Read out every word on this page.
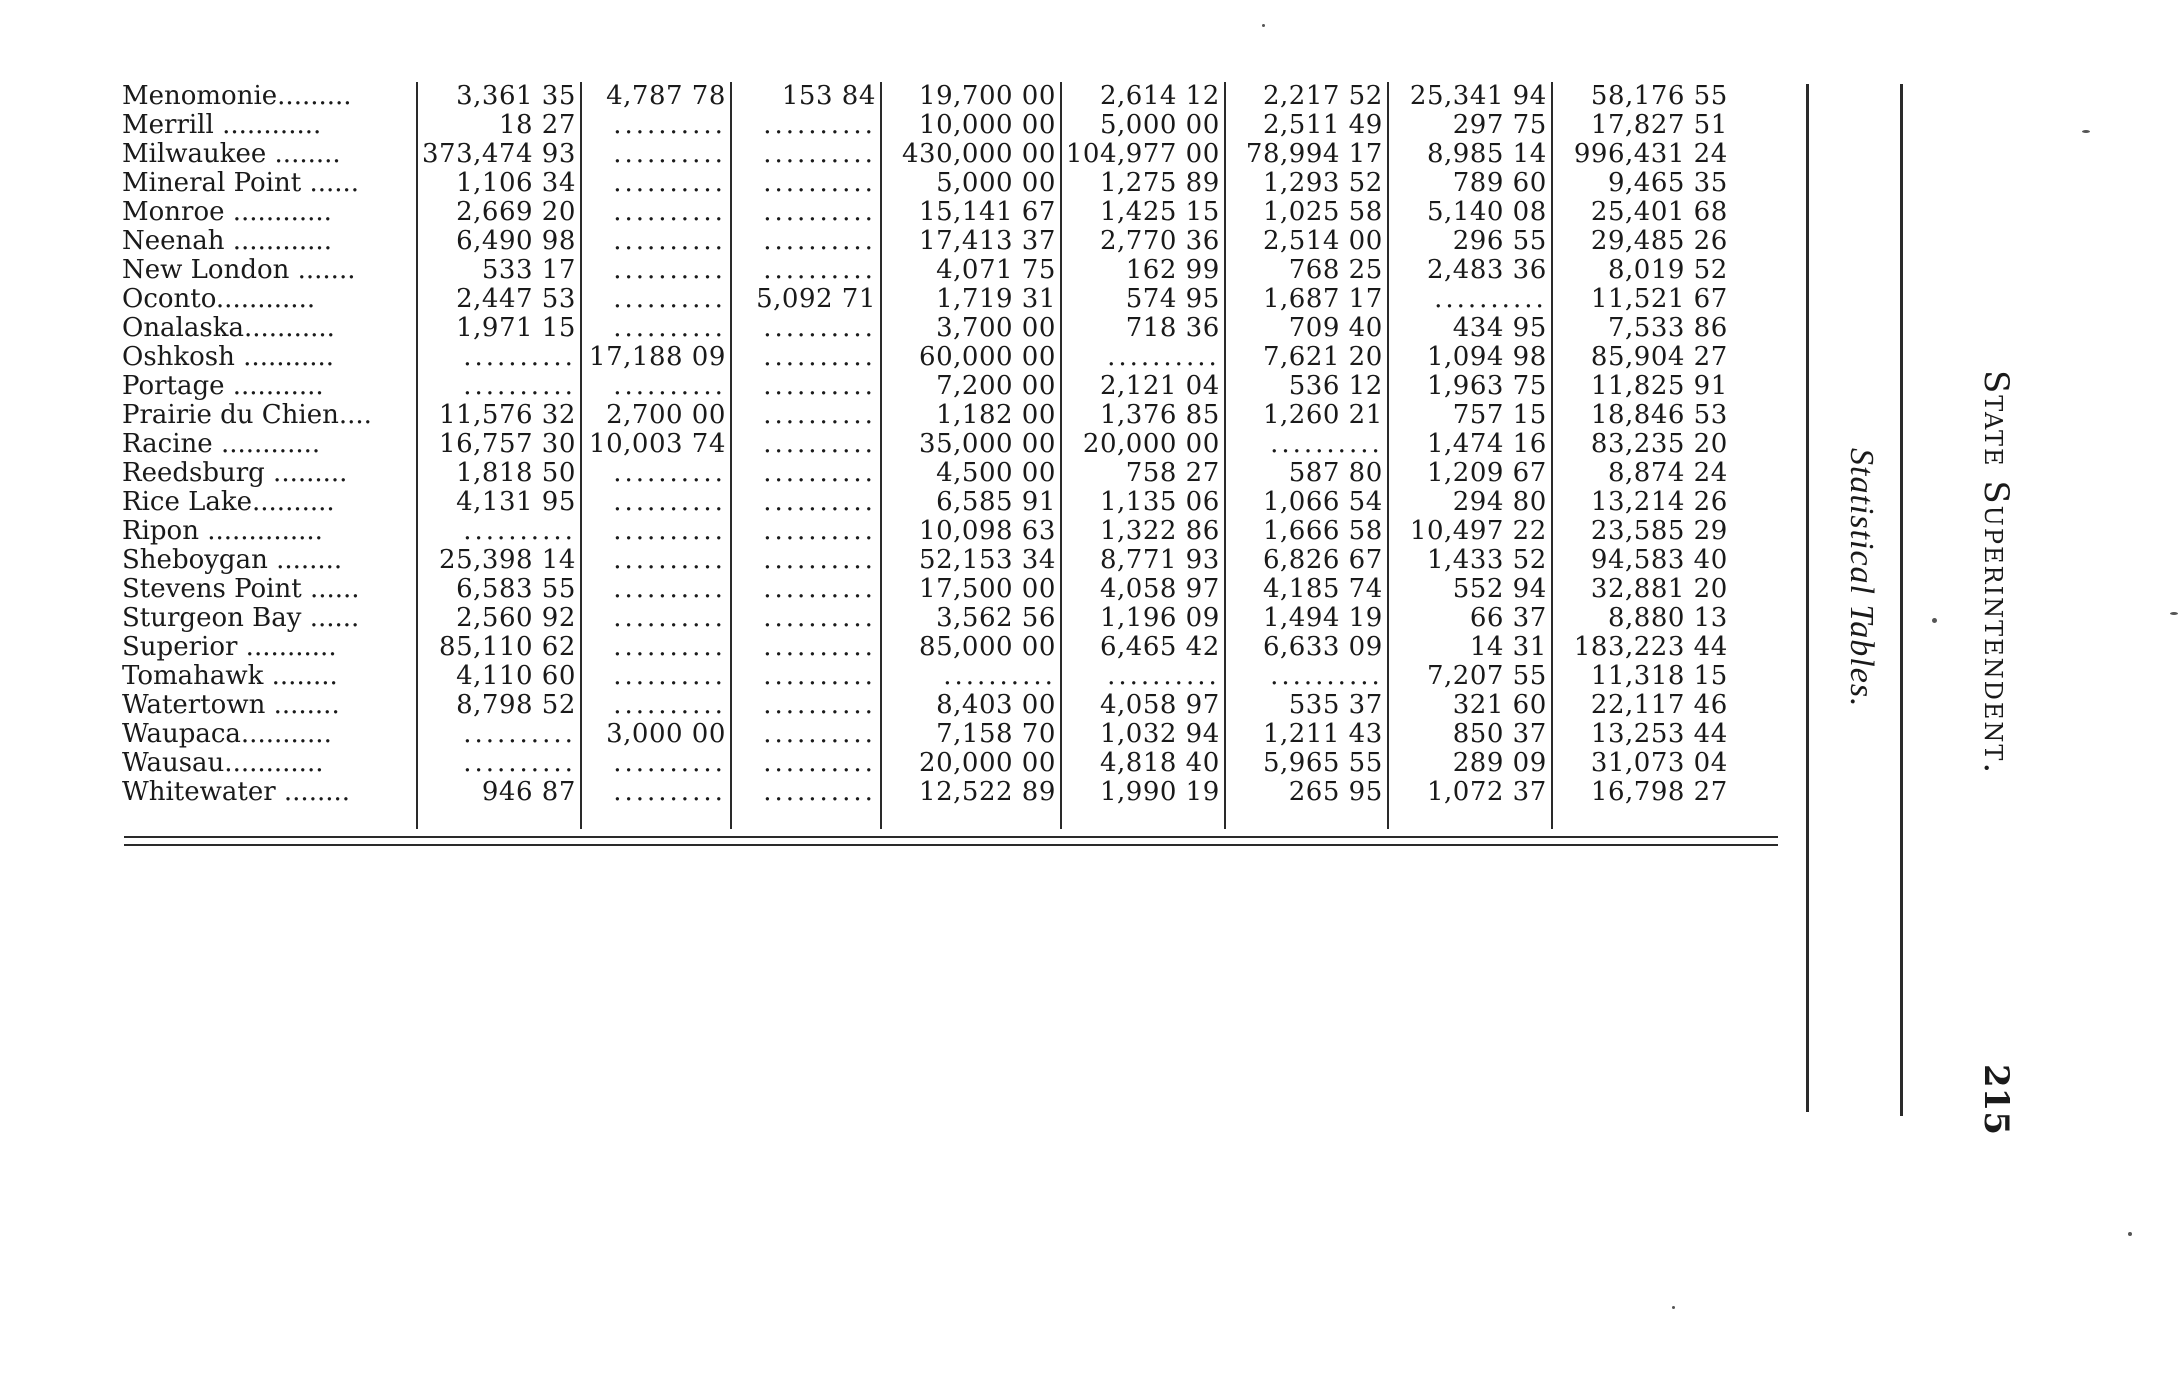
Menomonie.........	3,361 35	4,787 78	153 84	19,700 00	2,614 12	2,217 52	25,341 94	58,176 55
Merrill ............	18 27	..........	..........	10,000 00	5,000 00	2,511 49	297 75	17,827 51
Milwaukee ........	373,474 93	..........	..........	430,000 00	104,977 00	78,994 17	8,985 14	996,431 24
Mineral Point ......	1,106 34	..........	..........	5,000 00	1,275 89	1,293 52	789 60	9,465 35
Monroe ............	2,669 20	..........	..........	15,141 67	1,425 15	1,025 58	5,140 08	25,401 68
Neenah ............	6,490 98	..........	..........	17,413 37	2,770 36	2,514 00	296 55	29,485 26
New London .......	533 17	..........	..........	4,071 75	162 99	768 25	2,483 36	8,019 52
Oconto............	2,447 53	..........	5,092 71	1,719 31	574 95	1,687 17	..........	11,521 67
Onalaska...........	1,971 15	..........	..........	3,700 00	718 36	709 40	434 95	7,533 86
Oshkosh ...........	..........	17,188 09	..........	60,000 00	..........	7,621 20	1,094 98	85,904 27
Portage ...........	..........	..........	..........	7,200 00	2,121 04	536 12	1,963 75	11,825 91
Prairie du Chien....	11,576 32	2,700 00	..........	1,182 00	1,376 85	1,260 21	757 15	18,846 53
Racine ............	16,757 30	10,003 74	..........	35,000 00	20,000 00	..........	1,474 16	83,235 20
Reedsburg .........	1,818 50	..........	..........	4,500 00	758 27	587 80	1,209 67	8,874 24
Rice Lake..........	4,131 95	..........	..........	6,585 91	1,135 06	1,066 54	294 80	13,214 26
Ripon ..............	..........	..........	..........	10,098 63	1,322 86	1,666 58	10,497 22	23,585 29
Sheboygan ........	25,398 14	..........	..........	52,153 34	8,771 93	6,826 67	1,433 52	94,583 40
Stevens Point ......	6,583 55	..........	..........	17,500 00	4,058 97	4,185 74	552 94	32,881 20
Sturgeon Bay ......	2,560 92	..........	..........	3,562 56	1,196 09	1,494 19	66 37	8,880 13
Superior ...........	85,110 62	..........	..........	85,000 00	6,465 42	6,633 09	14 31	183,223 44
Tomahawk ........	4,110 60	..........	..........	..........	..........	..........	7,207 55	11,318 15
Watertown ........	8,798 52	..........	..........	8,403 00	4,058 97	535 37	321 60	22,117 46
Waupaca...........	..........	3,000 00	..........	7,158 70	1,032 94	1,211 43	850 37	13,253 44
Wausau............	..........	..........	..........	20,000 00	4,818 40	5,965 55	289 09	31,073 04
Whitewater ........	946 87	..........	..........	12,522 89	1,990 19	265 95	1,072 37	16,798 27

State Superintendent.
Statistical Tables.
215
